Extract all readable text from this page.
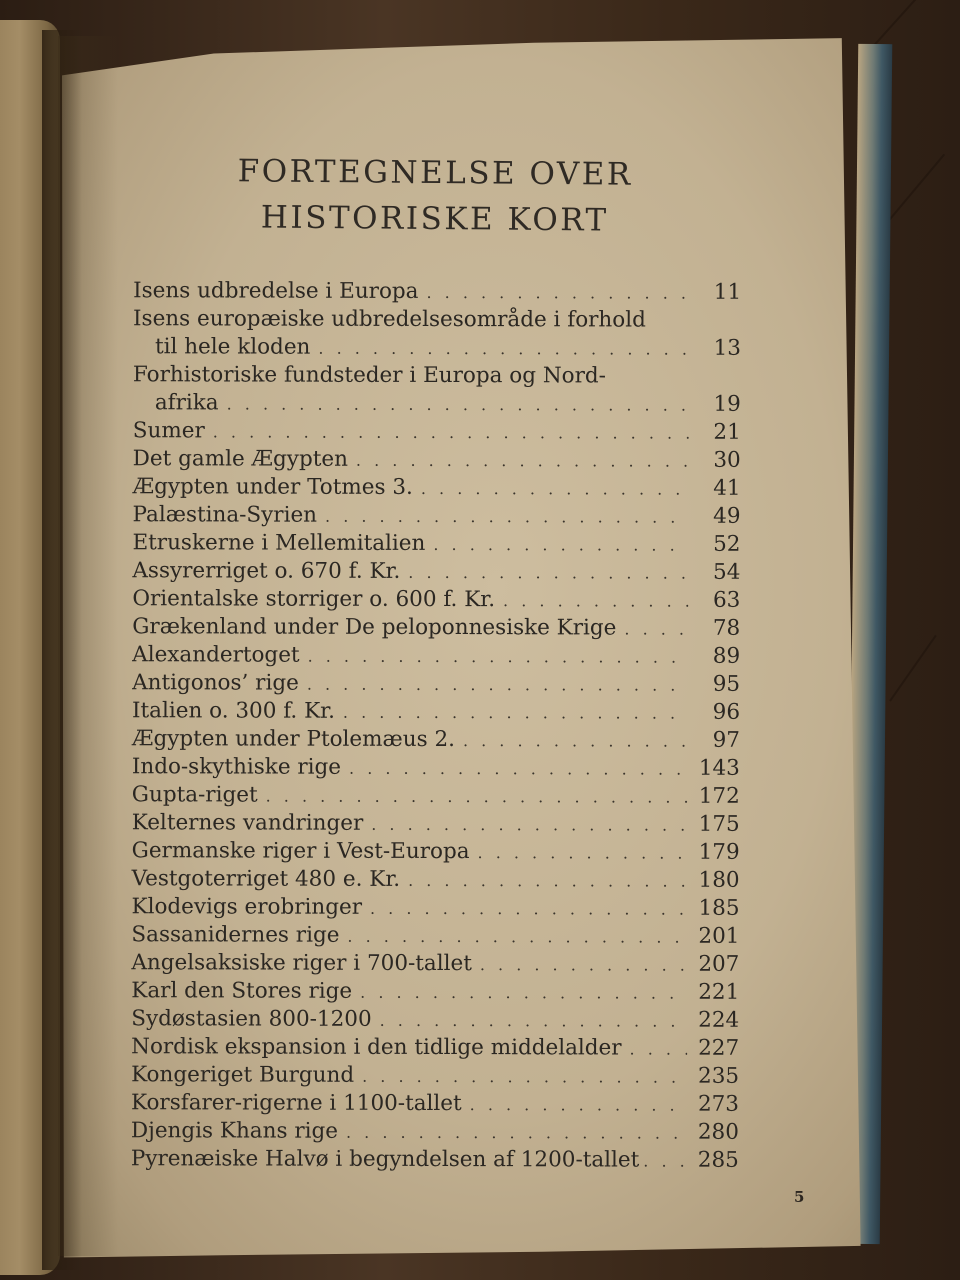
FORTEGNELSE OVER
HISTORISKE KORT
Isens udbredelse i Europa . . .	11
Isens europæiske udbredelsesområde i forhold
til hele kloden . . .	13
Forhistoriske fundsteder i Europa og Nord-
afrika . . .	19
Sumer . . .	21
Det gamle Ægypten . . .	30
Ægypten under Totmes 3. . . .	41
Palæstina-Syrien . . .	49
Etruskerne i Mellemitalien . . .	52
Assyrerriget o. 670 f. Kr. . . .	54
Orientalske storriger o. 600 f. Kr. . . .	63
Grækenland under De peloponnesiske Krige . . .	78
Alexandertoget . . .	89
Antigonos’ rige . . .	95
Italien o. 300 f. Kr. . . .	96
Ægypten under Ptolemæus 2. . . .	97
Indo-skythiske rige . . .	143
Gupta-riget . . .	172
Kelternes vandringer . . .	175
Germanske riger i Vest-Europa . . .	179
Vestgoterriget 480 e. Kr. . . .	180
Klodevigs erobringer . . .	185
Sassanidernes rige . . .	201
Angelsaksiske riger i 700-tallet . . .	207
Karl den Stores rige . . .	221
Sydøstasien 800-1200 . . .	224
Nordisk ekspansion i den tidlige middelalder . . .	227
Kongeriget Burgund . . .	235
Korsfarer-rigerne i 1100-tallet . . .	273
Djengis Khans rige . . .	280
Pyrenæiske Halvø i begyndelsen af 1200-tallet . . .	285
5
